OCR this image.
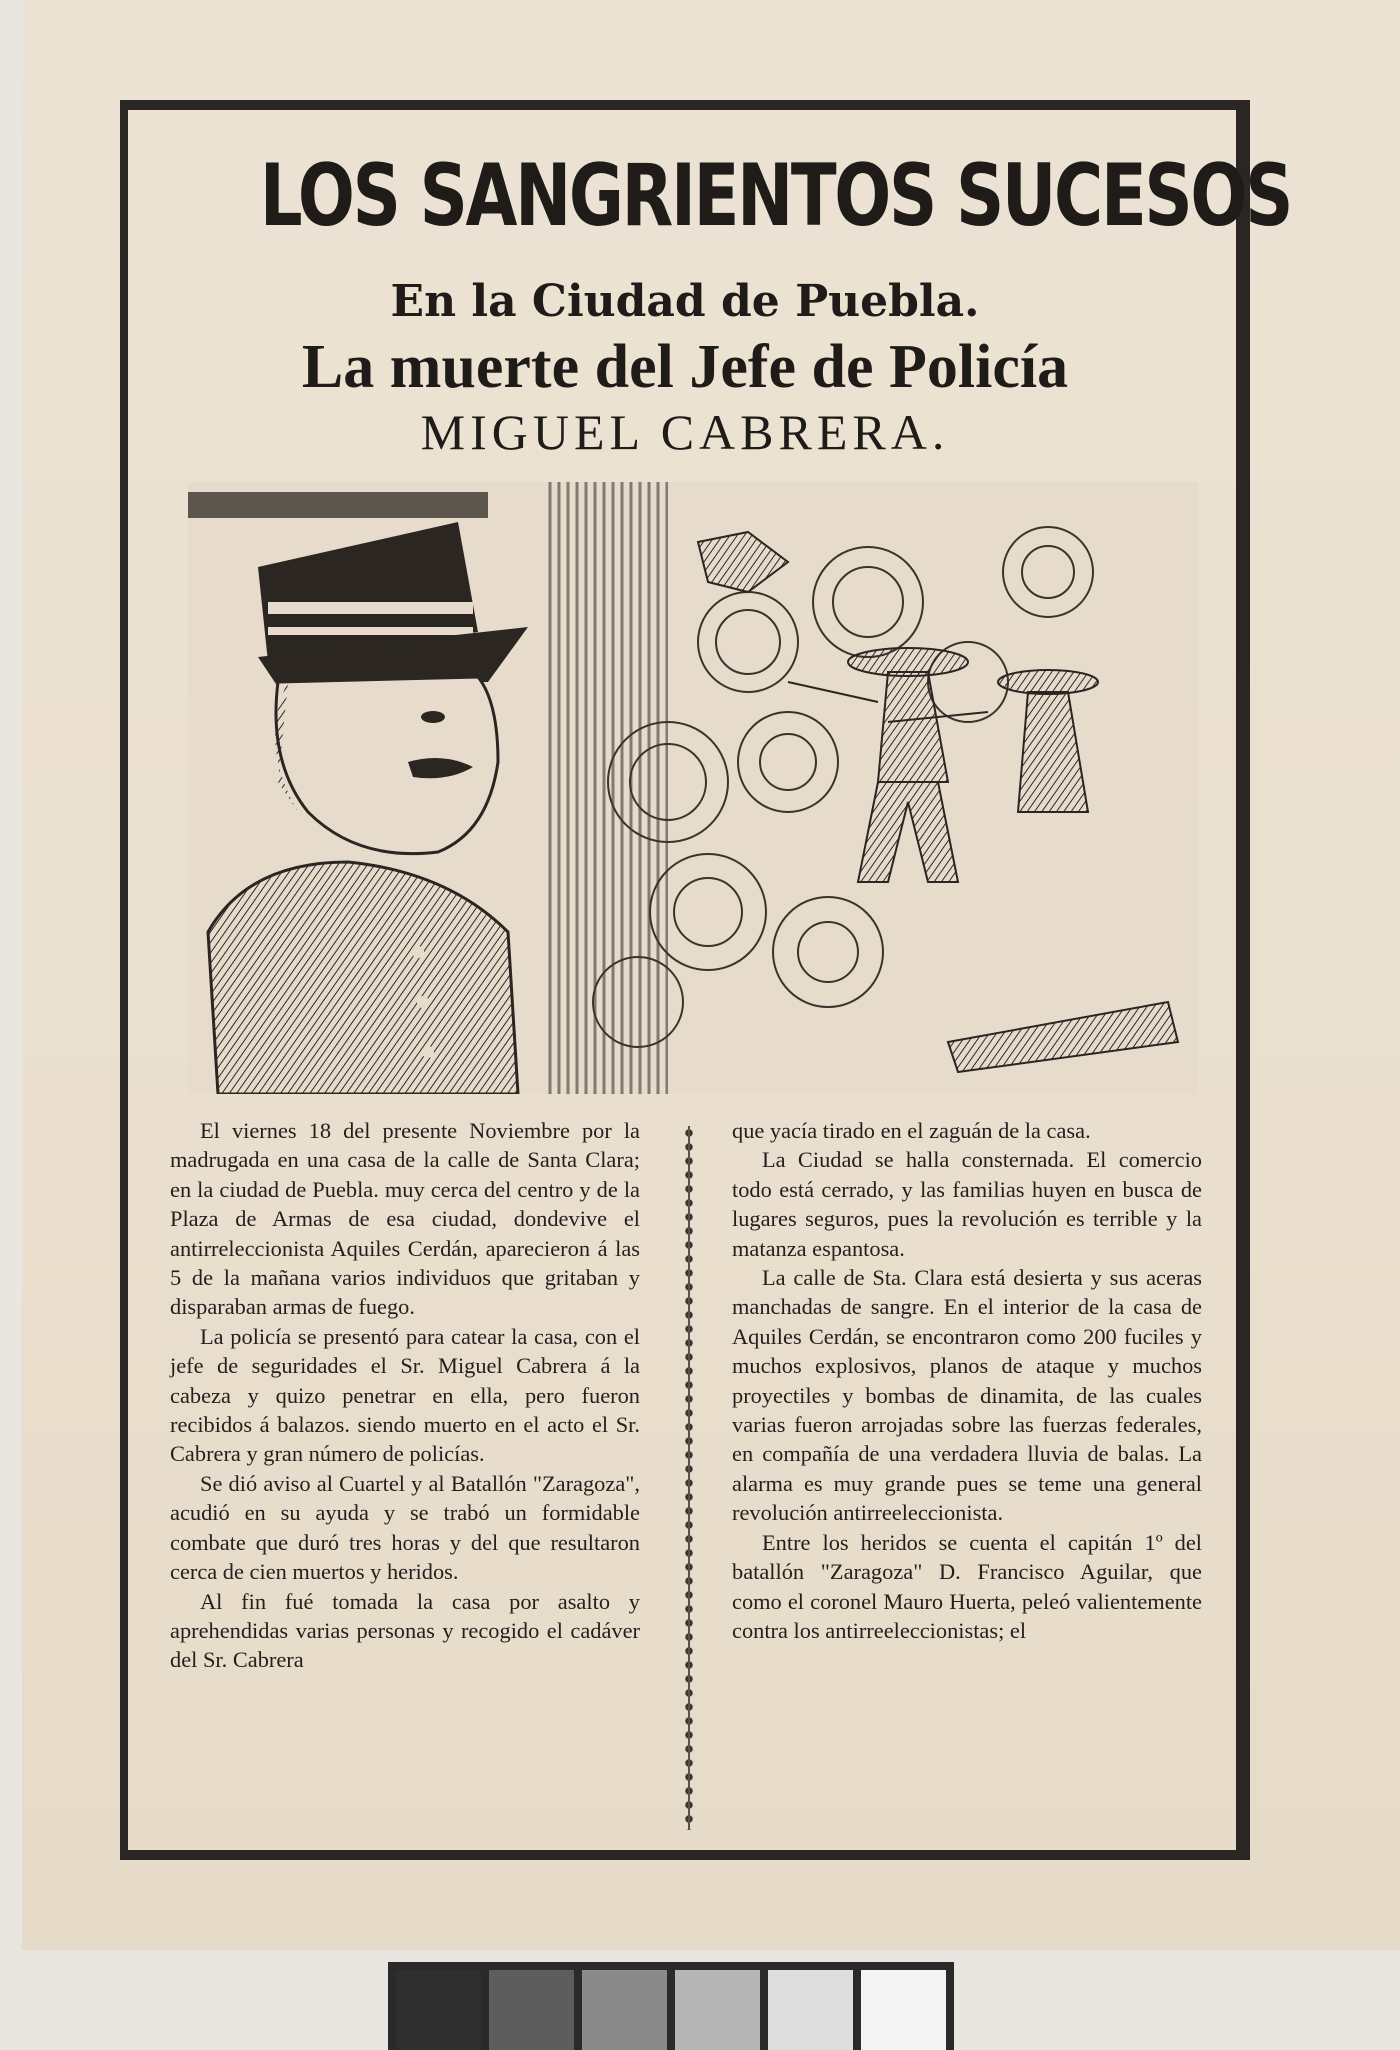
LOS SANGRIENTOS SUCESOS
En la Ciudad de Puebla.
La muerte del Jefe de Policía
MIGUEL CABRERA.

El viernes 18 del presente Noviembre por la madrugada en una casa de la calle de Santa Clara; en la ciudad de Puebla. muy cerca del centro y de la Plaza de Armas de esa ciudad, dondevive el antirreleccionista Aquiles Cerdán, aparecieron á las 5 de la mañana varios individuos que gritaban y disparaban armas de fuego.

La policía se presentó para catear la casa, con el jefe de seguridades el Sr. Miguel Cabrera á la cabeza y quizo penetrar en ella, pero fueron recibidos á balazos. siendo muerto en el acto el Sr. Cabrera y gran número de policías.

Se dió aviso al Cuartel y al Batallón "Zaragoza", acudió en su ayuda y se trabó un formidable combate que duró tres horas y del que resultaron cerca de cien muertos y heridos.

Al fin fué tomada la casa por asalto y aprehendidas varias personas y recogido el cadáver del Sr. Cabrera

que yacía tirado en el zaguán de la casa.

La Ciudad se halla consternada. El comercio todo está cerrado, y las familias huyen en busca de lugares seguros, pues la revolución es terrible y la matanza espantosa.

La calle de Sta. Clara está desierta y sus aceras manchadas de sangre. En el interior de la casa de Aquiles Cerdán, se encontraron como 200 fuciles y muchos explosivos, planos de ataque y muchos proyectiles y bombas de dinamita, de las cuales varias fueron arrojadas sobre las fuerzas federales, en compañía de una verdadera lluvia de balas. La alarma es muy grande pues se teme una general revolución antirreeleccionista.

Entre los heridos se cuenta el capitán 1º del batallón "Zaragoza" D. Francisco Aguilar, que como el coronel Mauro Huerta, peleó valientemente contra los antirreeleccionistas; el
